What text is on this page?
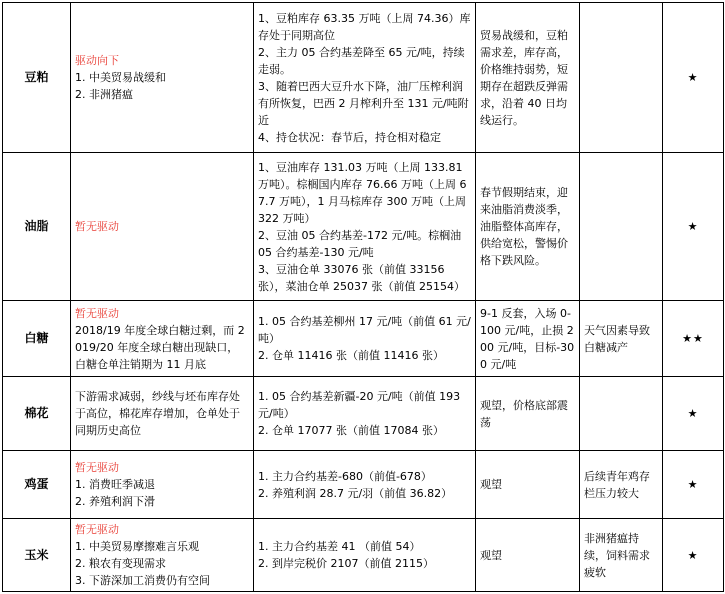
豆粕	驱动向下
1. 中美贸易战缓和
2. 非洲猪瘟	1、豆粕库存 63.35 万吨（上周 74.36）库存处于同期高位
2、主力 05 合约基差降至 65 元/吨，持续走弱。
3、随着巴西大豆升水下降，油厂压榨利润有所恢复，巴西 2 月榨利升至 131 元/吨附近
4、持仓状况：春节后，持仓相对稳定	贸易战缓和，豆粕需求差，库存高，价格维持弱势，短期存在超跌反弹需求，沿着 40 日均线运行。		★
油脂	暂无驱动	1、豆油库存 131.03 万吨（上周 133.81 万吨）。棕榈国内库存 76.66 万吨（上周 67.7 万吨），1 月马棕库存 300 万吨（上周 322 万吨）
2、豆油 05 合约基差-172 元/吨。棕榈油 05 合约基差-130 元/吨
3、豆油仓单 33076 张（前值 33156 张），菜油仓单 25037 张（前值 25154）	春节假期结束，迎来油脂消费淡季，油脂整体高库存，供给宽松，警惕价格下跌风险。		★
白糖	暂无驱动
2018/19 年度全球白糖过剩，而 2019/20 年度全球白糖出现缺口，白糖仓单注销期为 11 月底	1. 05 合约基差柳州 17 元/吨（前值 61 元/吨）
2. 仓单 11416 张（前值 11416 张）	9-1 反套，入场 0-100 元/吨，止损 200 元/吨，目标-300 元/吨	天气因素导致白糖减产	★★
棉花	下游需求减弱，纱线与坯布库存处于高位，棉花库存增加，仓单处于同期历史高位	1. 05 合约基差新疆-20 元/吨（前值 193 元/吨）
2. 仓单 17077 张（前值 17084 张）	观望，价格底部震荡		★
鸡蛋	暂无驱动
1. 消费旺季减退
2. 养殖利润下滑	1. 主力合约基差-680（前值-678）
2. 养殖利润 28.7 元/羽（前值 36.82）	观望	后续青年鸡存栏压力较大	★
玉米	暂无驱动
1. 中美贸易摩擦难言乐观
2. 粮农有变现需求
3. 下游深加工消费仍有空间	1. 主力合约基差 41 （前值 54）
2. 到岸完税价 2107（前值 2115）	观望	非洲猪瘟持续，饲料需求疲软	★
